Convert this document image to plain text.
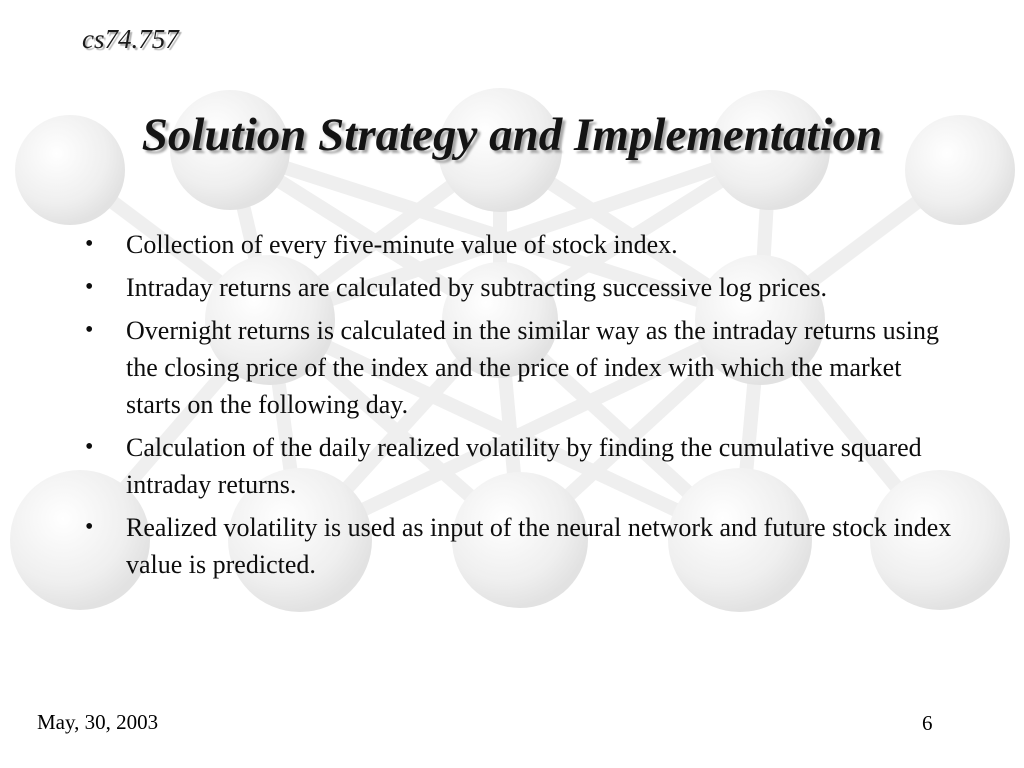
cs74.757
Solution Strategy and Implementation
• Collection of every five-minute value of stock index.
• Intraday returns are calculated by subtracting successive log prices.
• Overnight returns is calculated in the similar way as the intraday returns using the closing price of the index and the price of index with which the market starts on the following day.
• Calculation of the daily realized volatility by finding the cumulative squared intraday returns.
• Realized volatility is used as input of the neural network and future stock index value is predicted.
May, 30, 2003	6
